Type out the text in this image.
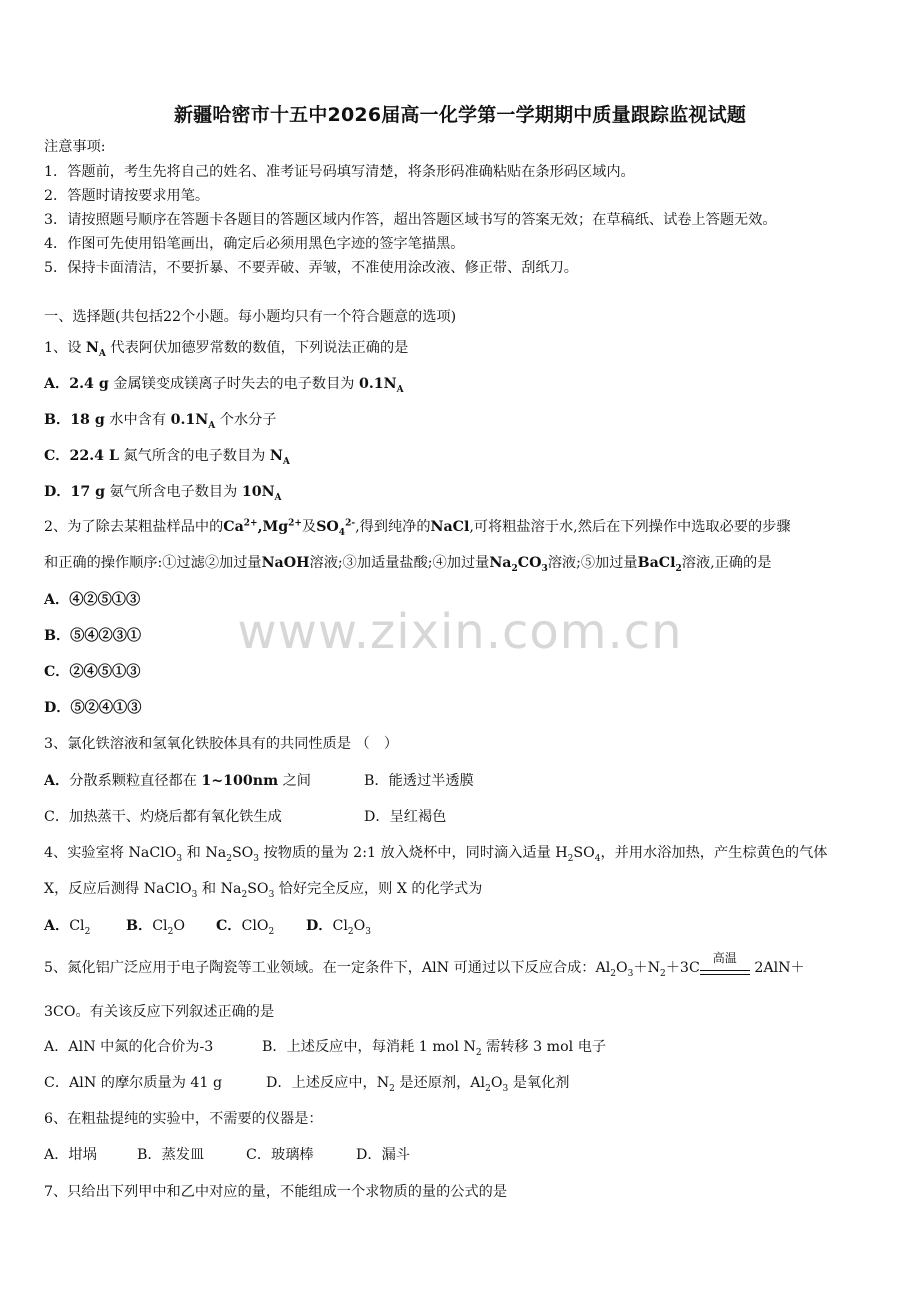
www.zixin.com.cn
新疆哈密市十五中2026届高一化学第一学期期中质量跟踪监视试题
注意事项:
1．答题前，考生先将自己的姓名、准考证号码填写清楚，将条形码准确粘贴在条形码区域内。
2．答题时请按要求用笔。
3．请按照题号顺序在答题卡各题目的答题区域内作答，超出答题区域书写的答案无效；在草稿纸、试卷上答题无效。
4．作图可先使用铅笔画出，确定后必须用黑色字迹的签字笔描黑。
5．保持卡面清洁，不要折暴、不要弄破、弄皱，不准使用涂改液、修正带、刮纸刀。
一、选择题(共包括22个小题。每小题均只有一个符合题意的选项)
1、设 $N_A$ 代表阿伏加德罗常数的数值，下列说法正确的是
A．2.4 g 金属镁变成镁离子时失去的电子数目为 $0.1N_A$
B．18 g 水中含有 $0.1N_A$ 个水分子
C．22.4 L 氮气所含的电子数目为 $N_A$
D．17 g 氨气所含电子数目为 $10N_A$
2、为了除去某粗盐样品中的$Ca^{2+},Mg^{2+}$及$SO_4^{2-}$,得到纯净的NaCl,可将粗盐溶于水,然后在下列操作中选取必要的步骤
和正确的操作顺序:①过滤②加过量NaOH溶液;③加适量盐酸;④加过量$Na_2CO_3$溶液;⑤加过量BaCl$_2$溶液,正确的是
A．④②⑤①③
B．⑤④②③①
C．②④⑤①③
D．⑤②④①③
3、氯化铁溶液和氢氧化铁胶体具有的共同性质是 （　）
A．分散系颗粒直径都在 1~100nm 之间	B．能透过半透膜
C．加热蒸干、灼烧后都有氧化铁生成	D．呈红褐色
4、实验室将 NaClO$_3$ 和 $Na_2SO_3$ 按物质的量为 2:1 放入烧杯中，同时滴入适量 $H_2SO_4$，并用水浴加热，产生棕黄色的气体
X，反应后测得 NaClO$_3$ 和 $Na_2SO_3$ 恰好完全反应，则 X 的化学式为
A．$Cl_2$	B．$Cl_2O$ C．ClO$_2$ D．$Cl_2O_3$
5、氮化铝广泛应用于电子陶瓷等工业领域。在一定条件下，AlN 可通过以下反应合成：$Al_2O_3+N_2+3C$
高温
2AlN＋
3CO。有关该反应下列叙述正确的是
A．AlN 中氮的化合价为-3	B．上述反应中，每消耗 1 mol $N_2$ 需转移 3 mol 电子
C．AlN 的摩尔质量为 41 g	D．上述反应中，$N_2$ 是还原剂，$Al_2O_3$ 是氧化剂
6、在粗盐提纯的实验中，不需要的仪器是：
A．坩埚	B．蒸发皿	C．玻璃棒	D．漏斗
7、只给出下列甲中和乙中对应的量，不能组成一个求物质的量的公式的是
